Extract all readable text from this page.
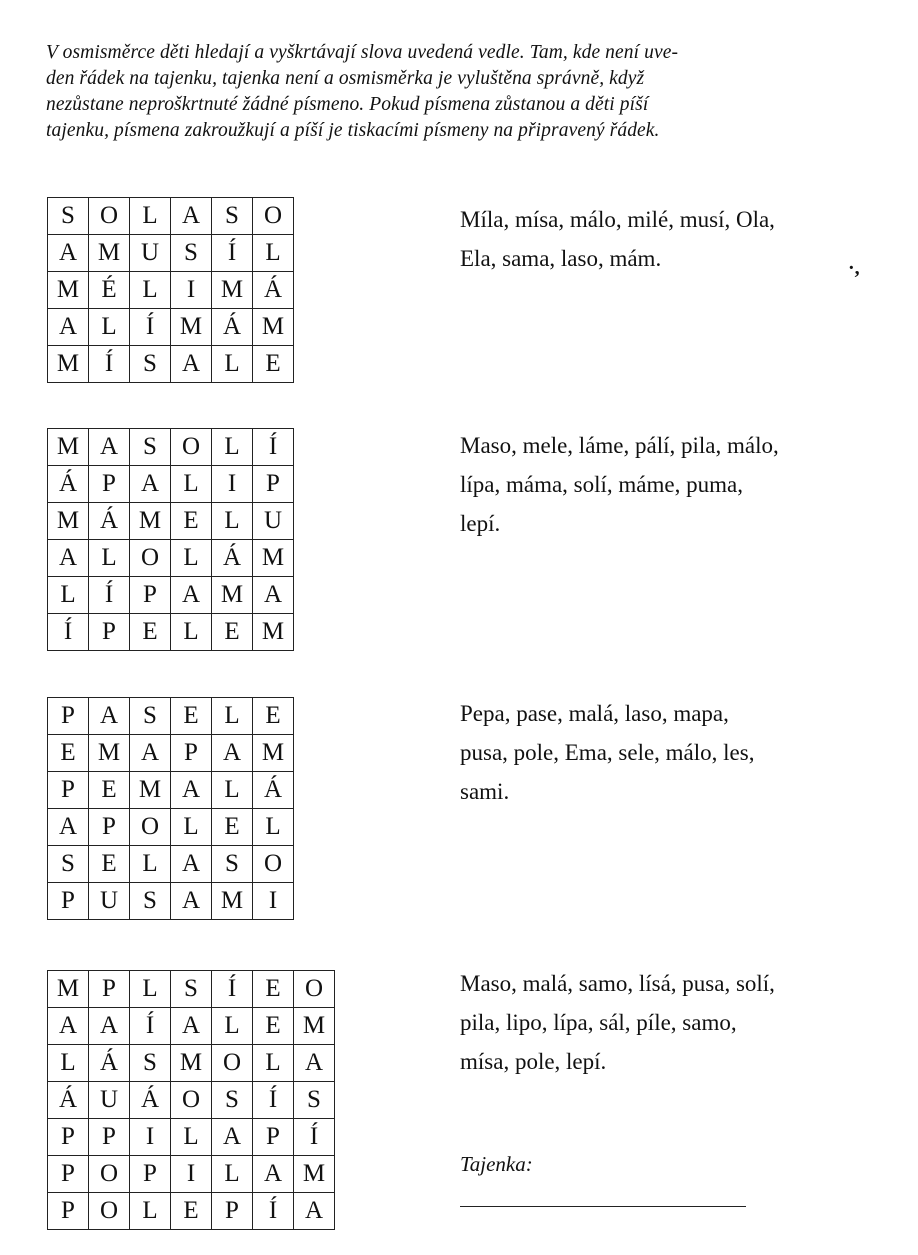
V osmisměrce děti hledají a vyškrtávají slova uvedená vedle. Tam, kde není uve-
den řádek na tajenku, tajenka není a osmisměrka je vyluštěna správně, když
nezůstane neproškrtnuté žádné písmeno. Pokud písmena zůstanou a děti píší
tajenku, písmena zakroužkují a píší je tiskacími písmeny na připravený řádek.
S	O	L	A	S	O
A	M	U	S	Í	L
M	É	L	I	M	Á
A	L	Í	M	Á	M
M	Í	S	A	L	E
Míla, mísa, málo, milé, musí, Ola,
Ela, sama, laso, mám.	·,
M	A	S	O	L	Í
Á	P	A	L	I	P
M	Á	M	E	L	U
A	L	O	L	Á	M
L	Í	P	A	M	A
Í	P	E	L	E	M
Maso, mele, láme, pálí, pila, málo,
lípa, máma, solí, máme, puma,
lepí.
P	A	S	E	L	E
E	M	A	P	A	M
P	E	M	A	L	Á
A	P	O	L	E	L
S	E	L	A	S	O
P	U	S	A	M	I
Pepa, pase, malá, laso, mapa,
pusa, pole, Ema, sele, málo, les,
sami.
M	P	L	S	Í	E	O
A	A	Í	A	L	E	M
L	Á	S	M	O	L	A
Á	U	Á	O	S	Í	S
P	P	I	L	A	P	Í
P	O	P	I	L	A	M
P	O	L	E	P	Í	A
Maso, malá, samo, lísá, pusa, solí,
pila, lipo, lípa, sál, píle, samo,
mísa, pole, lepí.
Tajenka:
